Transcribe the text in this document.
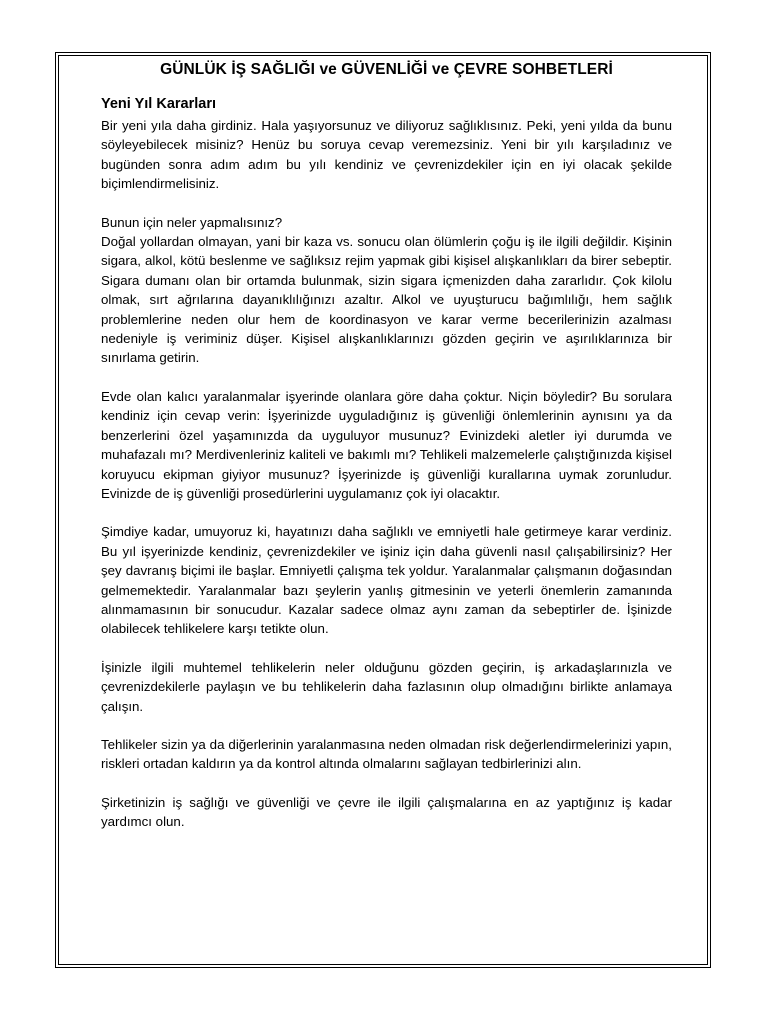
GÜNLÜK İŞ SAĞLIĞI ve GÜVENLİĞİ ve ÇEVRE SOHBETLERİ
Yeni Yıl Kararları

Bir yeni yıla daha girdiniz. Hala yaşıyorsunuz ve diliyoruz sağlıklısınız. Peki, yeni yılda da bunu söyleyebilecek misiniz? Henüz bu soruya cevap veremezsiniz. Yeni bir yılı karşıladınız ve bugünden sonra adım adım bu yılı kendiniz ve çevrenizdekiler için en iyi olacak şekilde biçimlendirmelisiniz.

Bunun için neler yapmalısınız?
Doğal yollardan olmayan, yani bir kaza vs. sonucu olan ölümlerin çoğu iş ile ilgili değildir. Kişinin sigara, alkol, kötü beslenme ve sağlıksız rejim yapmak gibi kişisel alışkanlıkları da birer sebeptir. Sigara dumanı olan bir ortamda bulunmak, sizin sigara içmenizden daha zararlıdır. Çok kilolu olmak, sırt ağrılarına dayanıklılığınızı azaltır. Alkol ve uyuşturucu bağımlılığı, hem sağlık problemlerine neden olur hem de koordinasyon ve karar verme becerilerinizin azalması nedeniyle iş veriminiz düşer. Kişisel alışkanlıklarınızı gözden geçirin ve aşırılıklarınıza bir sınırlama getirin.

Evde olan kalıcı yaralanmalar işyerinde olanlara göre daha çoktur. Niçin böyledir? Bu sorulara kendiniz için cevap verin: İşyerinizde uyguladığınız iş güvenliği önlemlerinin aynısını ya da benzerlerini özel yaşamınızda da uyguluyor musunuz? Evinizdeki aletler iyi durumda ve muhafazalı mı? Merdivenleriniz kaliteli ve bakımlı mı? Tehlikeli malzemelerle çalıştığınızda kişisel koruyucu ekipman giyiyor musunuz? İşyerinizde iş güvenliği kurallarına uymak zorunludur. Evinizde de iş güvenliği prosedürlerini uygulamanız çok iyi olacaktır.

Şimdiye kadar, umuyoruz ki, hayatınızı daha sağlıklı ve emniyetli hale getirmeye karar verdiniz. Bu yıl işyerinizde kendiniz, çevrenizdekiler ve işiniz için daha güvenli nasıl çalışabilirsiniz? Her şey davranış biçimi ile başlar. Emniyetli çalışma tek yoldur. Yaralanmalar çalışmanın doğasından gelmemektedir. Yaralanmalar bazı şeylerin yanlış gitmesinin ve yeterli önemlerin zamanında alınmamasının bir sonucudur. Kazalar sadece olmaz aynı zaman da sebeptirler de. İşinizde olabilecek tehlikelere karşı tetikte olun.

İşinizle ilgili muhtemel tehlikelerin neler olduğunu gözden geçirin, iş arkadaşlarınızla ve çevrenizdekilerle paylaşın ve bu tehlikelerin daha fazlasının olup olmadığını birlikte anlamaya çalışın.

Tehlikeler sizin ya da diğerlerinin yaralanmasına neden olmadan risk değerlendirmelerinizi yapın, riskleri ortadan kaldırın ya da kontrol altında olmalarını sağlayan tedbirlerinizi alın.

Şirketinizin iş sağlığı ve güvenliği ve çevre ile ilgili çalışmalarına en az yaptığınız iş kadar yardımcı olun.
